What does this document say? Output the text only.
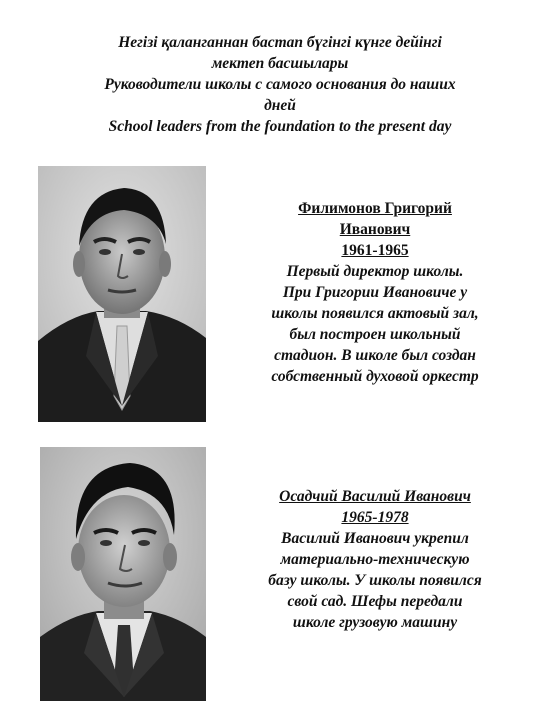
Негізі қаланганнан бастап бүгінгі күнге дейінгі
мектеп басшылары
Руководители школы с самого основания до наших
дней
School leaders from the foundation to the present day
Филимонов Григорий
Иванович
1961-1965
Первый директор школы.
При Григории Ивановиче у
школы появился актовый зал,
был построен школьный
стадион. В школе был создан
собственный духовой оркестр
Осадчий Василий Иванович
1965-1978
Василий Иванович укрепил
материально-техническую
базу школы. У школы появился
свой сад. Шефы передали
школе грузовую машину
